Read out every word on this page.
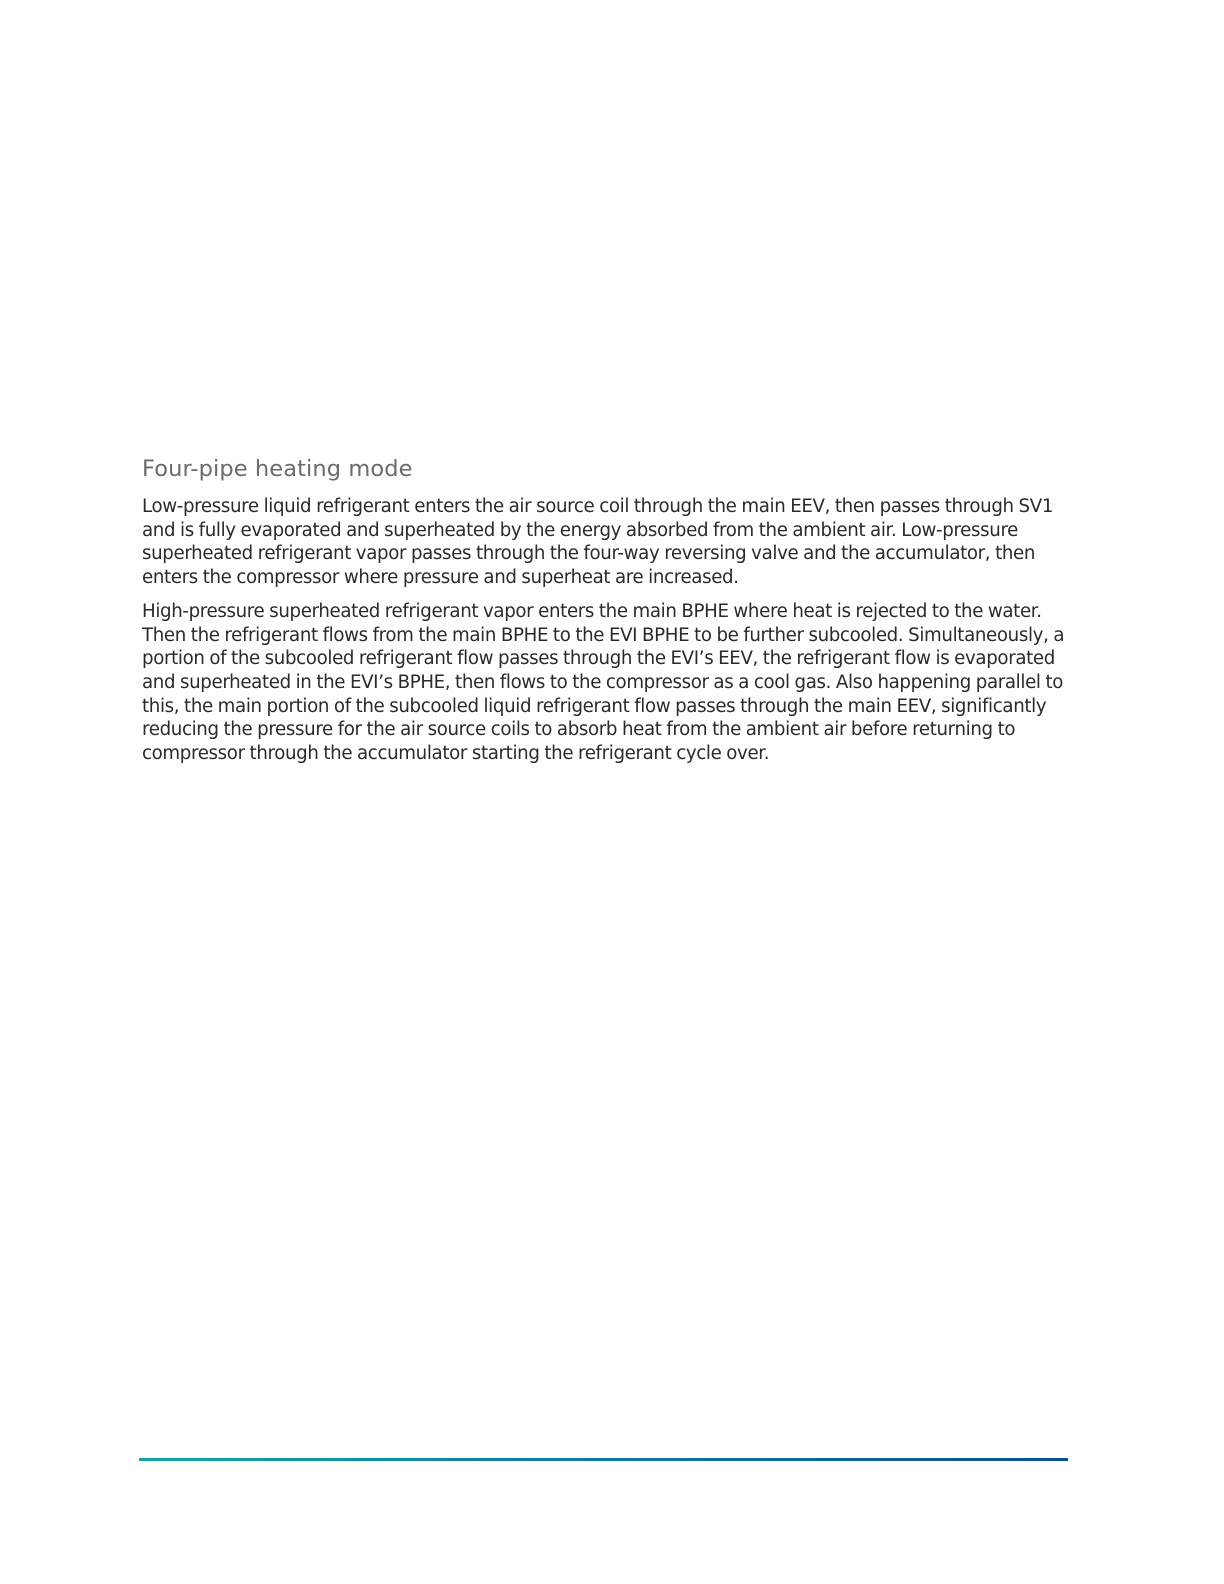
Four-pipe heating mode

Low-pressure liquid refrigerant enters the air source coil through the main EEV, then passes through SV1 and is fully evaporated and superheated by the energy absorbed from the ambient air. Low-pressure superheated refrigerant vapor passes through the four-way reversing valve and the accumulator, then enters the compressor where pressure and superheat are increased.

High-pressure superheated refrigerant vapor enters the main BPHE where heat is rejected to the water. Then the refrigerant flows from the main BPHE to the EVI BPHE to be further subcooled. Simultaneously, a portion of the subcooled refrigerant flow passes through the EVI’s EEV, the refrigerant flow is evaporated and superheated in the EVI’s BPHE, then flows to the compressor as a cool gas. Also happening parallel to this, the main portion of the subcooled liquid refrigerant flow passes through the main EEV, significantly reducing the pressure for the air source coils to absorb heat from the ambient air before returning to compressor through the accumulator starting the refrigerant cycle over.
